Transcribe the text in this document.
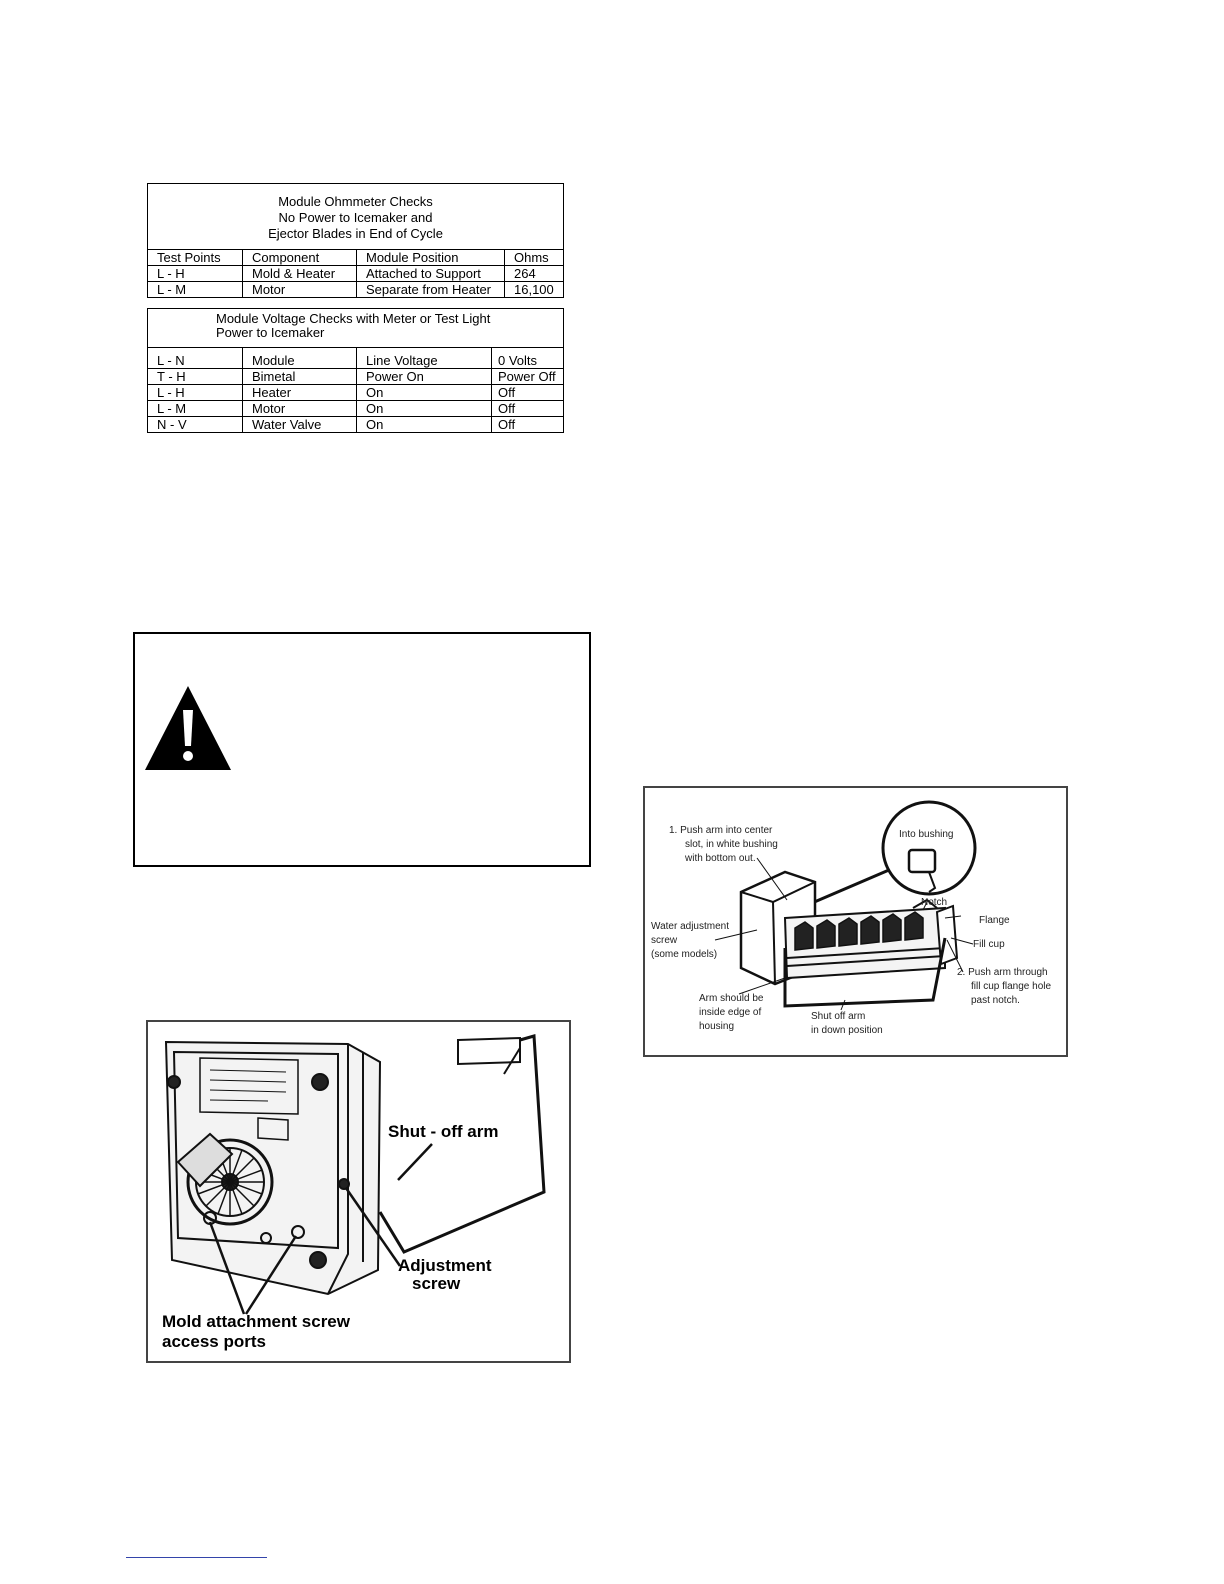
Module Ohmmeter Checks
No Power to Icemaker and
Ejector Blades in End of Cycle			

Test Points	Component	Module Position	Ohms
L - H	Mold & Heater	Attached to Support	264
L - M	Motor	Separate from Heater	16,100
Module Voltage Checks with Meter or Test Light
Power to Icemaker			

L - N	Module	Line Voltage	0 Volts
T - H	Bimetal	Power On	Power Off
L - H	Heater	On	Off
L - M	Motor	On	Off
N - V	Water Valve	On	Off
Shut - off arm
Adjustment
screw
Mold attachment screw
access ports
1. Push arm into center
slot, in white bushing
with bottom out.
Into bushing
Notch
Flange
Fill cup
Water adjustment
screw
(some models)
2. Push arm through
fill cup flange hole
past notch.
Arm should be
inside edge of
housing
Shut off arm
in down position
